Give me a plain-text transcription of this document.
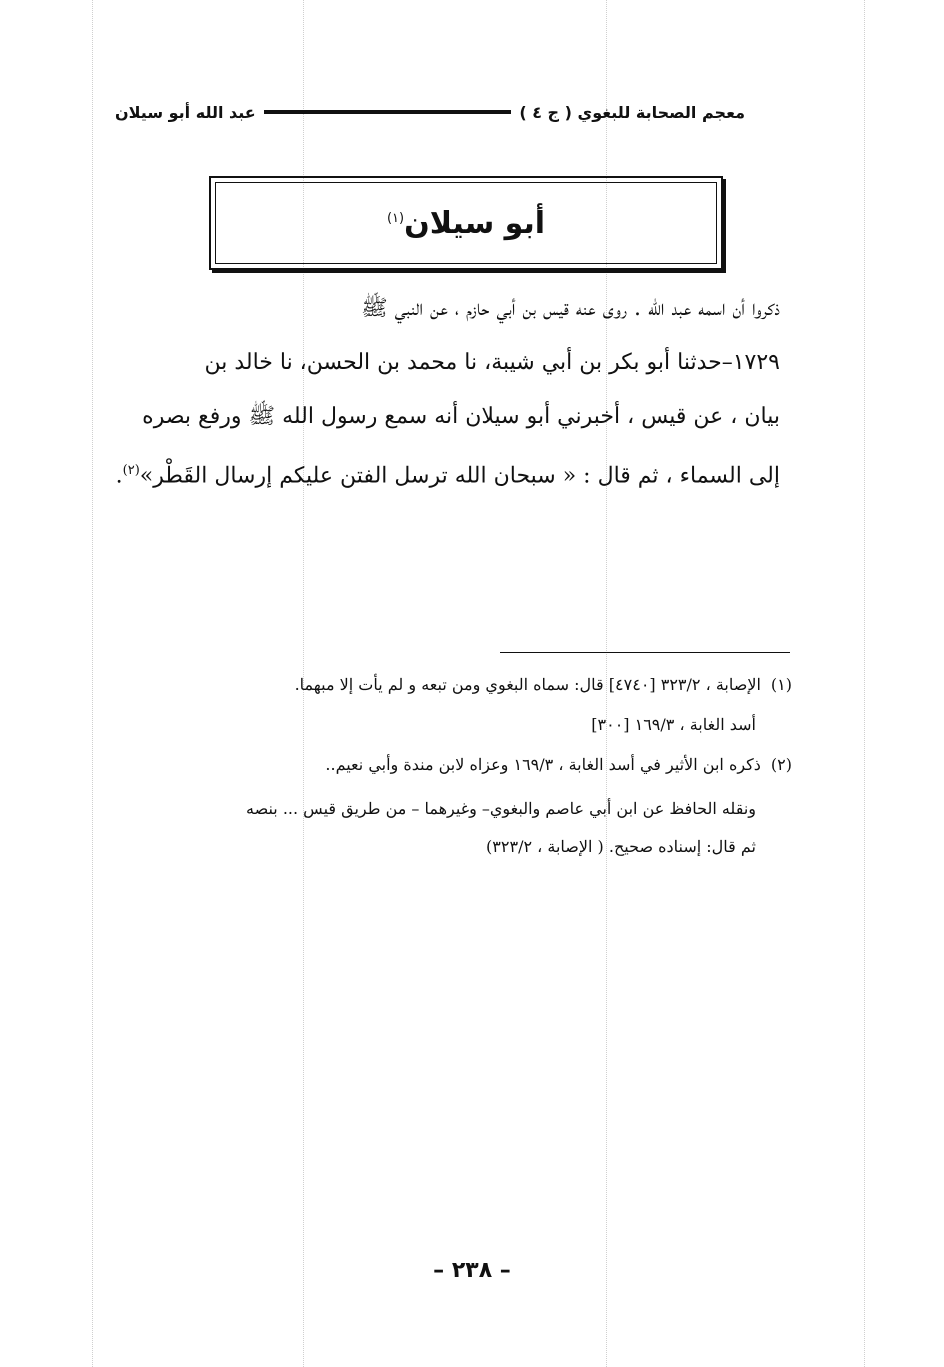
معجم الصحابة للبغوي ( ج ٤ )
عبد الله أبو سيلان
أبو سيلان$^{(١)}$

ذكروا أن اسمه عبد الله . روى عنه قيس بن أبي حازم ، عن النبي ﷺ

١٧٢٩–حدثنا أبو بكر بن أبي شيبة، نا محمد بن الحسن، نا خالد بن

بيان ، عن قيس ، أخبرني أبو سيلان أنه سمع رسول الله ﷺ ورفع بصره

إلى السماء ، ثم قال : « سبحان الله ترسل الفتن عليكم إرسال القَطْر»$^{(٢)}$.

(١)الإصابة ، ٣٢٣/٢ [٤٧٤٠] قال: سماه البغوي ومن تبعه و لم يأت إلا مبهما.
أسد الغابة ، ١٦٩/٣ [٣٠٠]
(٢)ذكره ابن الأثير في أسد الغابة ، ١٦٩/٣ وعزاه لابن مندة وأبي نعيم..
ونقله الحافظ عن ابن أبي عاصم والبغوي– وغيرهما – من طريق قيس ... بنصه
ثم قال: إسناده صحيح. ( الإصابة ، ٣٢٣/٢)
– ٢٣٨ –
